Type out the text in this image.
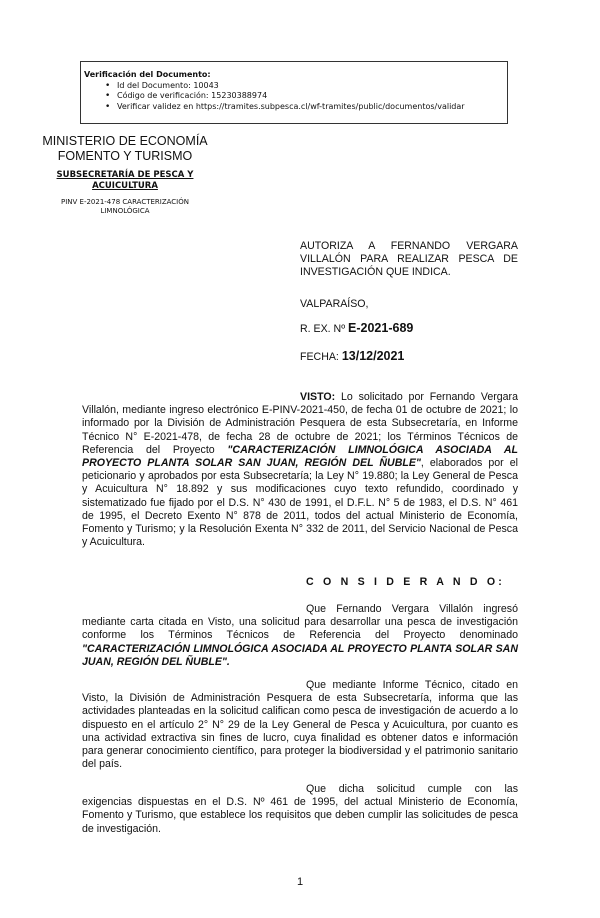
Verificación del Documento:
• Id del Documento: 10043
• Código de verificación: 15230388974
• Verificar validez en https://tramites.subpesca.cl/wf-tramites/public/documentos/validar
MINISTERIO DE ECONOMÍA
FOMENTO Y TURISMO
SUBSECRETARÍA DE PESCA Y
ACUICULTURA
PINV E-2021-478 CARACTERIZACIÓN
LIMNOLÓGICA
AUTORIZA A FERNANDO VERGARA VILLALÓN PARA REALIZAR PESCA DE INVESTIGACIÓN QUE INDICA.
VALPARAÍSO,
R. EX. Nº E-2021-689
FECHA: 13/12/2021
VISTO: Lo solicitado por Fernando Vergara Villalón, mediante ingreso electrónico E-PINV-2021-450, de fecha 01 de octubre de 2021; lo informado por la División de Administración Pesquera de esta Subsecretaría, en Informe Técnico N° E-2021-478, de fecha 28 de octubre de 2021; los Términos Técnicos de Referencia del Proyecto "CARACTERIZACIÓN LIMNOLÓGICA ASOCIADA AL PROYECTO PLANTA SOLAR SAN JUAN, REGIÓN DEL ÑUBLE", elaborados por el peticionario y aprobados por esta Subsecretaría; la Ley N° 19.880; la Ley General de Pesca y Acuicultura N° 18.892 y sus modificaciones cuyo texto refundido, coordinado y sistematizado fue fijado por el D.S. N° 430 de 1991, el D.F.L. N° 5 de 1983, el D.S. N° 461 de 1995, el Decreto Exento N° 878 de 2011, todos del actual Ministerio de Economía, Fomento y Turismo; y la Resolución Exenta N° 332 de 2011, del Servicio Nacional de Pesca y Acuicultura.
C O N S I D E R A N D O:
Que Fernando Vergara Villalón ingresó mediante carta citada en Visto, una solicitud para desarrollar una pesca de investigación conforme los Términos Técnicos de Referencia del Proyecto denominado "CARACTERIZACIÓN LIMNOLÓGICA ASOCIADA AL PROYECTO PLANTA SOLAR SAN JUAN, REGIÓN DEL ÑUBLE".
Que mediante Informe Técnico, citado en Visto, la División de Administración Pesquera de esta Subsecretaría, informa que las actividades planteadas en la solicitud califican como pesca de investigación de acuerdo a lo dispuesto en el artículo 2° N° 29 de la Ley General de Pesca y Acuicultura, por cuanto es una actividad extractiva sin fines de lucro, cuya finalidad es obtener datos e información para generar conocimiento científico, para proteger la biodiversidad y el patrimonio sanitario del país.
Que dicha solicitud cumple con las exigencias dispuestas en el D.S. Nº 461 de 1995, del actual Ministerio de Economía, Fomento y Turismo, que establece los requisitos que deben cumplir las solicitudes de pesca de investigación.
1
